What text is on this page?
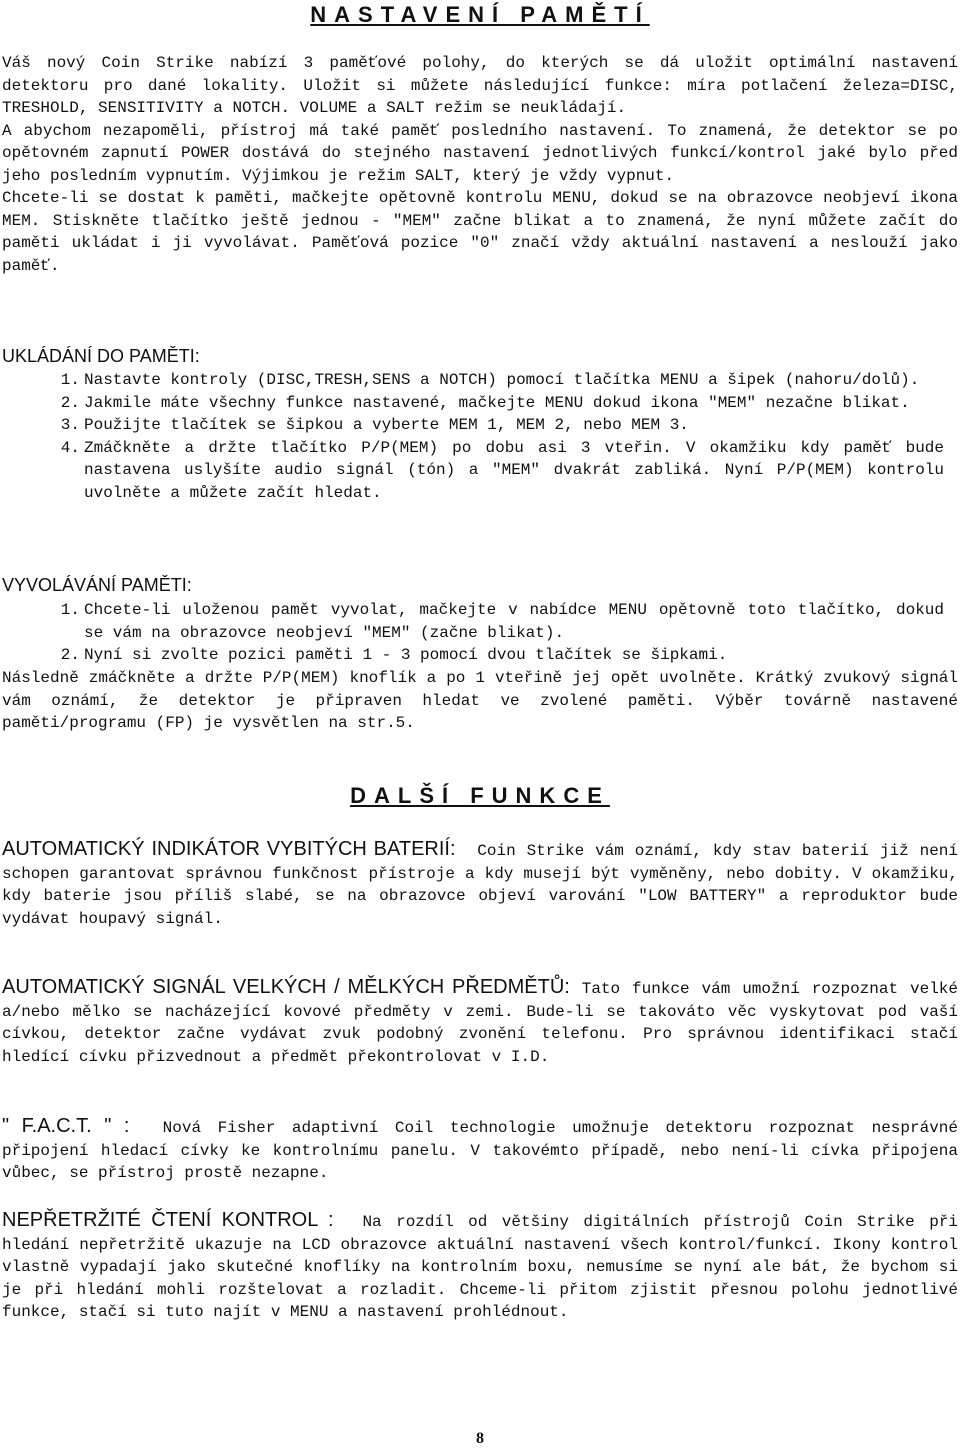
NASTAVENÍ PAMĚTÍ

Váš nový Coin Strike nabízí 3 paměťové polohy, do kterých se dá uložit optimální nastavení detektoru pro dané lokality. Uložit si můžete následující funkce: míra potlačení železa=DISC, TRESHOLD, SENSITIVITY a NOTCH. VOLUME a SALT režim se neukládají.

A abychom nezapoměli, přístroj má také paměť posledního nastavení. To znamená, že detektor se po opětovném zapnutí POWER dostává do stejného nastavení jednotlivých funkcí/kontrol jaké bylo před jeho posledním vypnutím. Výjimkou je režim SALT, který je vždy vypnut.

Chcete-li se dostat k paměti, mačkejte opětovně kontrolu MENU, dokud se na obrazovce neobjeví ikona MEM. Stiskněte tlačítko ještě jednou - "MEM" začne blikat a to znamená, že nyní můžete začít do paměti ukládat i ji vyvolávat. Paměťová pozice "0" značí vždy aktuální nastavení a neslouží jako paměť.

UKLÁDÁNÍ DO PAMĚTI:
1. Nastavte kontroly (DISC,TRESH,SENS a NOTCH) pomocí tlačítka MENU a šipek (nahoru/dolů).
2. Jakmile máte všechny funkce nastavené, mačkejte MENU dokud ikona "MEM" nezačne blikat.
3. Použijte tlačítek se šipkou a vyberte MEM 1, MEM 2, nebo MEM 3.
4. Zmáčkněte a držte tlačítko P/P(MEM) po dobu asi 3 vteřin. V okamžiku kdy paměť bude nastavena uslyšíte audio signál (tón) a "MEM" dvakrát zabliká. Nyní P/P(MEM) kontrolu uvolněte a můžete začít hledat.
VYVOLÁVÁNÍ PAMĚTI:
1. Chcete-li uloženou pamět vyvolat, mačkejte v nabídce MENU opětovně toto tlačítko, dokud se vám na obrazovce neobjeví "MEM" (začne blikat).
2. Nyní si zvolte pozici paměti 1 - 3 pomocí dvou tlačítek se šipkami.

Následně zmáčkněte a držte P/P(MEM) knoflík a po 1 vteřině jej opět uvolněte. Krátký zvukový signál vám oznámí, že detektor je připraven hledat ve zvolené paměti. Výběr továrně nastavené paměti/programu (FP) je vysvětlen na str.5.

DALŠÍ FUNKCE

AUTOMATICKÝ INDIKÁTOR VYBITÝCH BATERIÍ: Coin Strike vám oznámí, kdy stav baterií již není schopen garantovat správnou funkčnost přístroje a kdy musejí být vyměněny, nebo dobity. V okamžiku, kdy baterie jsou příliš slabé, se na obrazovce objeví varování "LOW BATTERY" a reproduktor bude vydávat houpavý signál.

AUTOMATICKÝ SIGNÁL VELKÝCH / MĚLKÝCH PŘEDMĚTŮ: Tato funkce vám umožní rozpoznat velké a/nebo mělko se nacházející kovové předměty v zemi. Bude-li se takováto věc vyskytovat pod vaší cívkou, detektor začne vydávat zvuk podobný zvonění telefonu. Pro správnou identifikaci stačí hledící cívku přizvednout a předmět překontrolovat v I.D.

" F.A.C.T. " : Nová Fisher adaptivní Coil technologie umožnuje detektoru rozpoznat nesprávné připojení hledací cívky ke kontrolnímu panelu. V takovémto případě, nebo není-li cívka připojena vůbec, se přístroj prostě nezapne.

NEPŘETRŽITÉ ČTENÍ KONTROL : Na rozdíl od většiny digitálních přístrojů Coin Strike při hledání nepřetržitě ukazuje na LCD obrazovce aktuální nastavení všech kontrol/funkcí. Ikony kontrol vlastně vypadají jako skutečné knoflíky na kontrolním boxu, nemusíme se nyní ale bát, že bychom si je při hledání mohli rozštelovat a rozladit. Chceme-li přitom zjistit přesnou polohu jednotlivé funkce, stačí si tuto najít v MENU a nastavení prohlédnout.

8
